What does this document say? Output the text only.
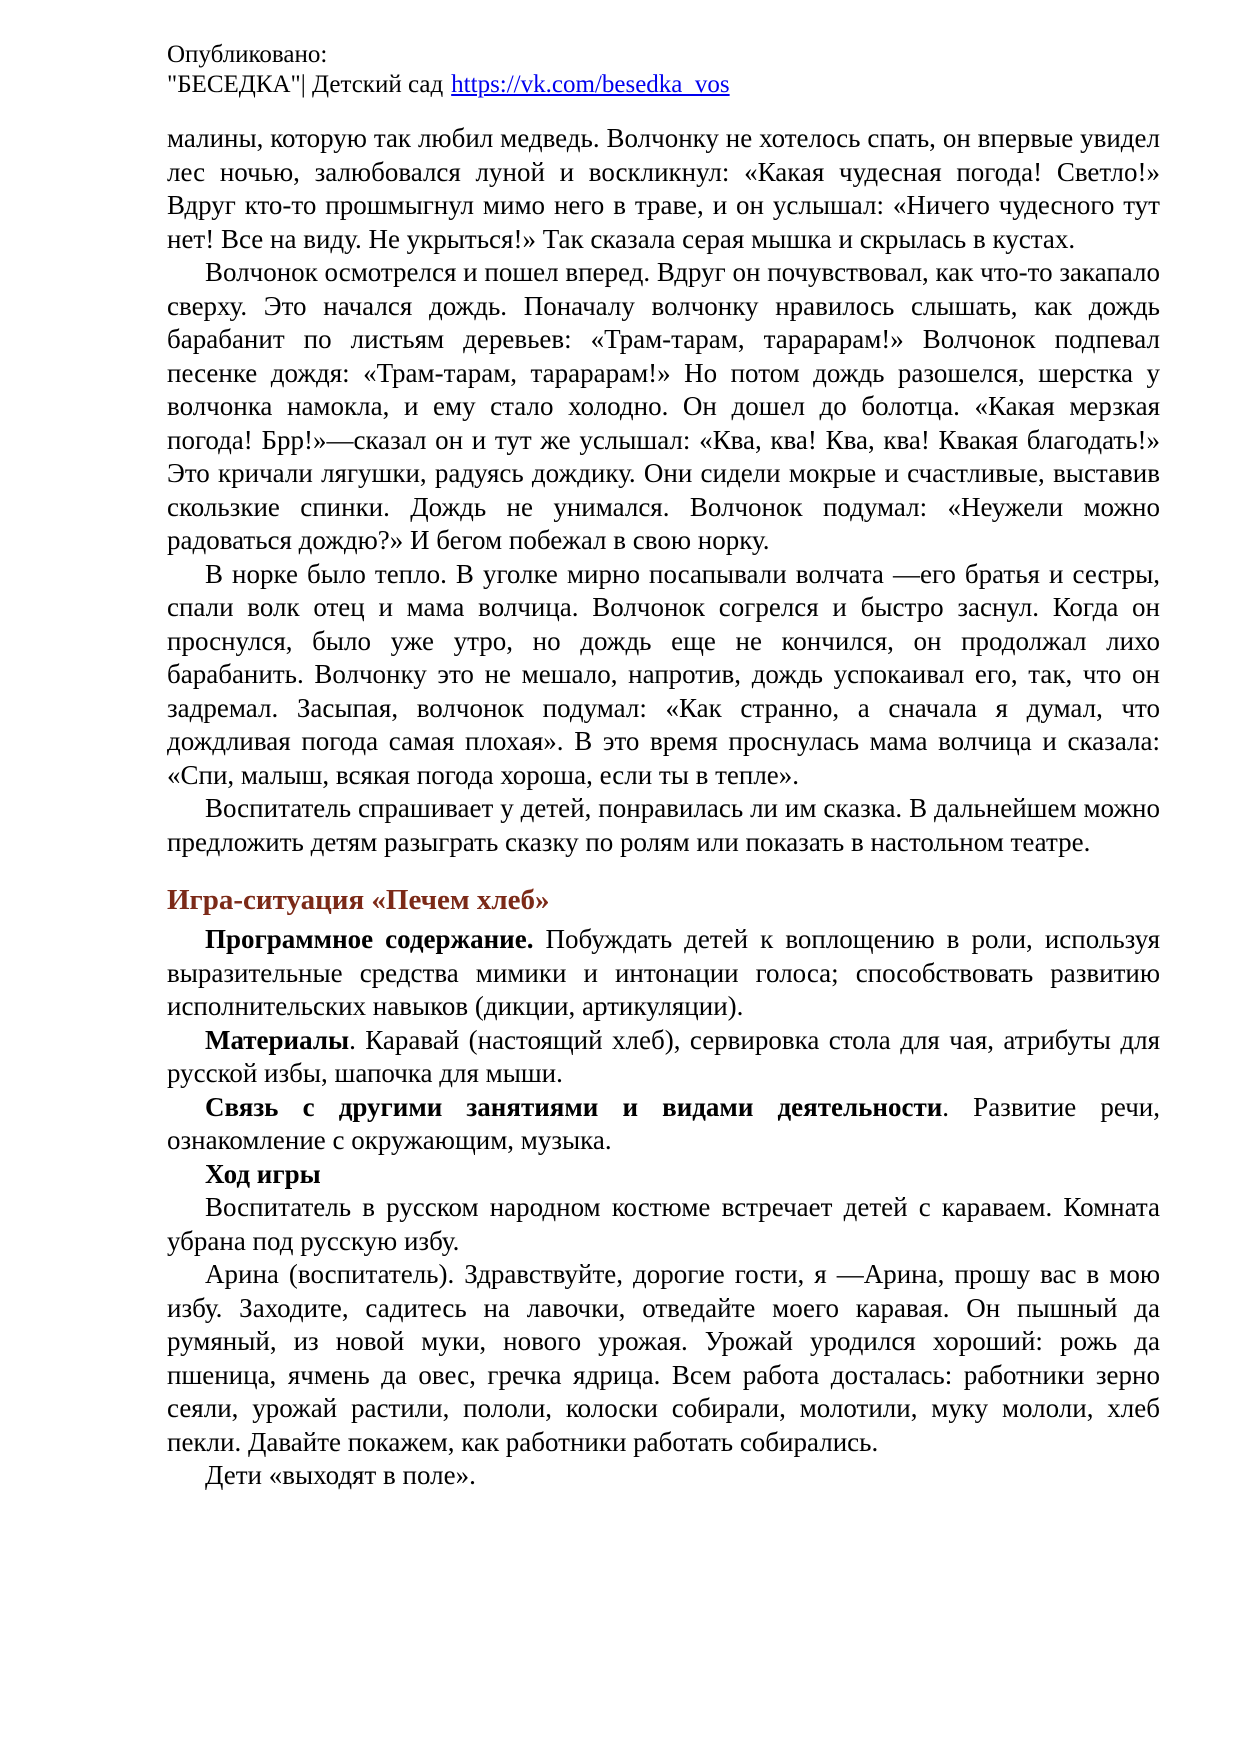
Опубликовано:
"БЕСЕДКА"| Детский сад https://vk.com/besedka_vos

малины, которую так любил медведь. Волчонку не хотелось спать, он впервые увидел лес ночью, залюбовался луной и воскликнул: «Какая чудесная погода! Светло!» Вдруг кто-то прошмыгнул мимо него в траве, и он услышал: «Ничего чудесного тут нет! Все на виду. Не укрыться!» Так сказала серая мышка и скрылась в кустах.

Волчонок осмотрелся и пошел вперед. Вдруг он почувствовал, как что-то закапало сверху. Это начался дождь. Поначалу волчонку нравилось слышать, как дождь барабанит по листьям деревьев: «Трам-тарам, тарарарам!» Волчонок подпевал песенке дождя: «Трам-тарам, тарарарам!» Но потом дождь разошелся, шерстка у волчонка намокла, и ему стало холодно. Он дошел до болотца. «Какая мерзкая погода! Брр!»—сказал он и тут же услышал: «Ква, ква! Ква, ква! Квакая благодать!» Это кричали лягушки, радуясь дождику. Они сидели мокрые и счастливые, выставив скользкие спинки. Дождь не унимался. Волчонок подумал: «Неужели можно радоваться дождю?» И бегом побежал в свою норку.

В норке было тепло. В уголке мирно посапывали волчата —его братья и сестры, спали волк отец и мама волчица. Волчонок согрелся и быстро заснул. Когда он проснулся, было уже утро, но дождь еще не кончился, он продолжал лихо барабанить. Волчонку это не мешало, напротив, дождь успокаивал его, так, что он задремал. Засыпая, волчонок подумал: «Как странно, а сначала я думал, что дождливая погода самая плохая». В это время проснулась мама волчица и сказала: «Спи, малыш, всякая погода хороша, если ты в тепле».

Воспитатель спрашивает у детей, понравилась ли им сказка. В дальнейшем можно предложить детям разыграть сказку по ролям или показать в настольном театре.

Игра-ситуация «Печем хлеб»

Программное содержание. Побуждать детей к воплощению в роли, используя выразительные средства мимики и интонации голоса; способствовать развитию исполнительских навыков (дикции, артикуляции).

Материалы. Каравай (настоящий хлеб), сервировка стола для чая, атрибуты для русской избы, шапочка для мыши.

Связь с другими занятиями и видами деятельности. Развитие речи, ознакомление с окружающим, музыка.

Ход игры

Воспитатель в русском народном костюме встречает детей с караваем. Комната убрана под русскую избу.

Арина (воспитатель). Здравствуйте, дорогие гости, я —Арина, прошу вас в мою избу. Заходите, садитесь на лавочки, отведайте моего каравая. Он пышный да румяный, из новой муки, нового урожая. Урожай уродился хороший: рожь да пшеница, ячмень да овес, гречка ядрица. Всем работа досталась: работники зерно сеяли, урожай растили, пололи, колоски собирали, молотили, муку мололи, хлеб пекли. Давайте покажем, как работники работать собирались.

Дети «выходят в поле».
